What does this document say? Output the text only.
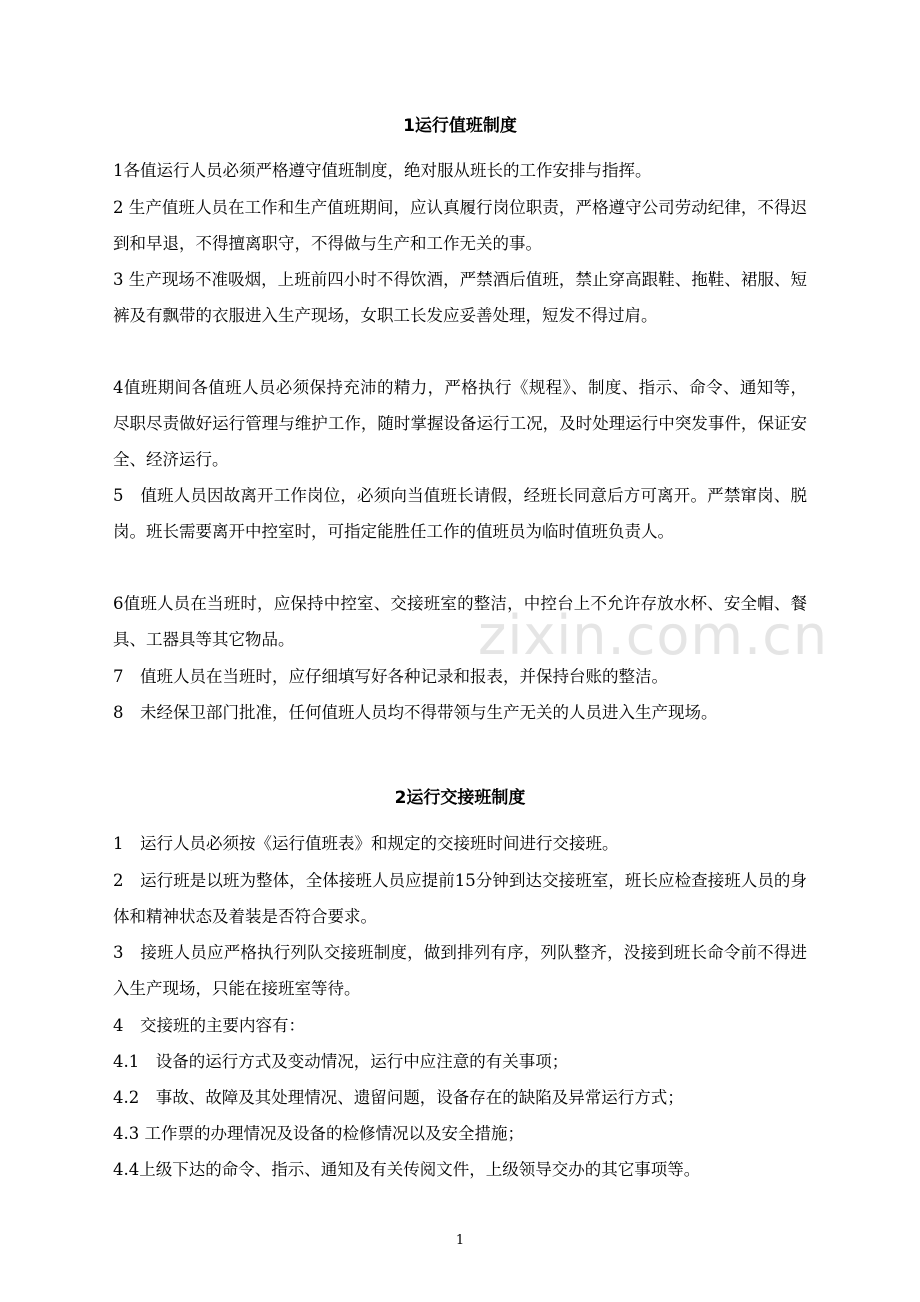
1运行值班制度

1各值运行人员必须严格遵守值班制度，绝对服从班长的工作安排与指挥。

2 生产值班人员在工作和生产值班期间，应认真履行岗位职责，严格遵守公司劳动纪律，不得迟到和早退，不得擅离职守，不得做与生产和工作无关的事。

3 生产现场不准吸烟，上班前四小时不得饮酒，严禁酒后值班，禁止穿高跟鞋、拖鞋、裙服、短裤及有飘带的衣服进入生产现场，女职工长发应妥善处理，短发不得过肩。

4值班期间各值班人员必须保持充沛的精力，严格执行《规程》、制度、指示、命令、通知等，尽职尽责做好运行管理与维护工作，随时掌握设备运行工况，及时处理运行中突发事件，保证安全、经济运行。

5　值班人员因故离开工作岗位，必须向当值班长请假，经班长同意后方可离开。严禁窜岗、脱岗。班长需要离开中控室时，可指定能胜任工作的值班员为临时值班负责人。

6值班人员在当班时，应保持中控室、交接班室的整洁，中控台上不允许存放水杯、安全帽、餐具、工器具等其它物品。

7　值班人员在当班时，应仔细填写好各种记录和报表，并保持台账的整洁。

8　未经保卫部门批准，任何值班人员均不得带领与生产无关的人员进入生产现场。

2运行交接班制度

1　运行人员必须按《运行值班表》和规定的交接班时间进行交接班。

2　运行班是以班为整体，全体接班人员应提前15分钟到达交接班室，班长应检查接班人员的身体和精神状态及着装是否符合要求。

3　接班人员应严格执行列队交接班制度，做到排列有序，列队整齐，没接到班长命令前不得进入生产现场，只能在接班室等待。

4　交接班的主要内容有：

4.1　设备的运行方式及变动情况，运行中应注意的有关事项；

4.2　事故、故障及其处理情况、遗留问题，设备存在的缺陷及异常运行方式；

4.3 工作票的办理情况及设备的检修情况以及安全措施；

4.4上级下达的命令、指示、通知及有关传阅文件，上级领导交办的其它事项等。

zixin.com.cn
1
